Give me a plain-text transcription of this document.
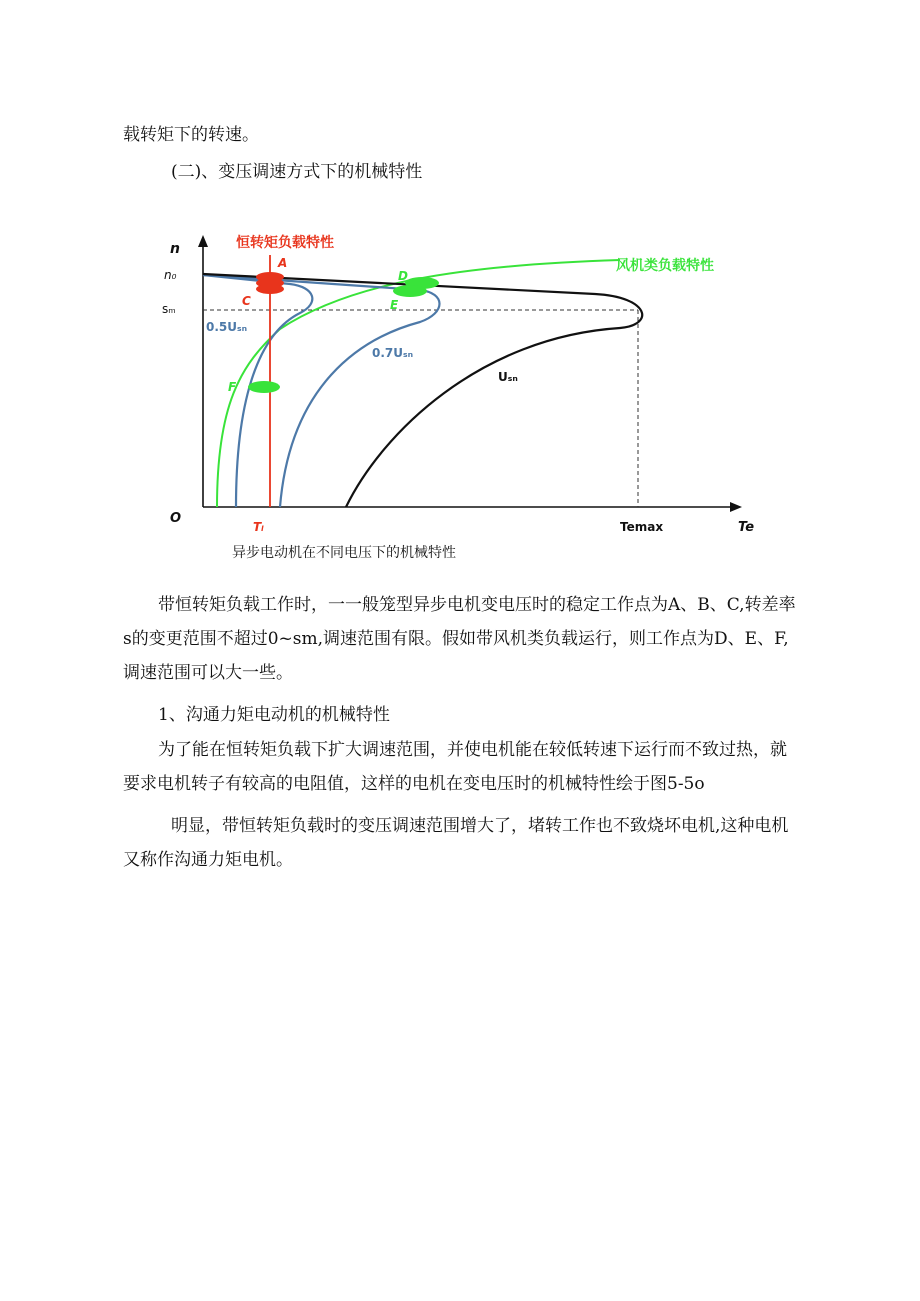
载转矩下的转速。
(二)、变压调速方式下的机械特性
n
n₀
sₘ
O
Tₗ	Temax	Te
恒转矩负载特性
风机类负载特性
0.5Uₛₙ
0.7Uₛₙ
Uₛₙ
A
C
D
E
F
异步电动机在不同电压下的机械特性
带恒转矩负载工作时，一一般笼型异步电机变电压时的稳定工作点为A、B、C,转差率
s的变更范围不超过0~sm,调速范围有限。假如带风机类负载运行，则工作点为D、E、F,
调速范围可以大一些。
1、沟通力矩电动机的机械特性
为了能在恒转矩负载下扩大调速范围，并使电机能在较低转速下运行而不致过热，就
要求电机转子有较高的电阻值，这样的电机在变电压时的机械特性绘于图5-5o
明显，带恒转矩负载时的变压调速范围增大了，堵转工作也不致烧坏电机,这种电机
又称作沟通力矩电机。
